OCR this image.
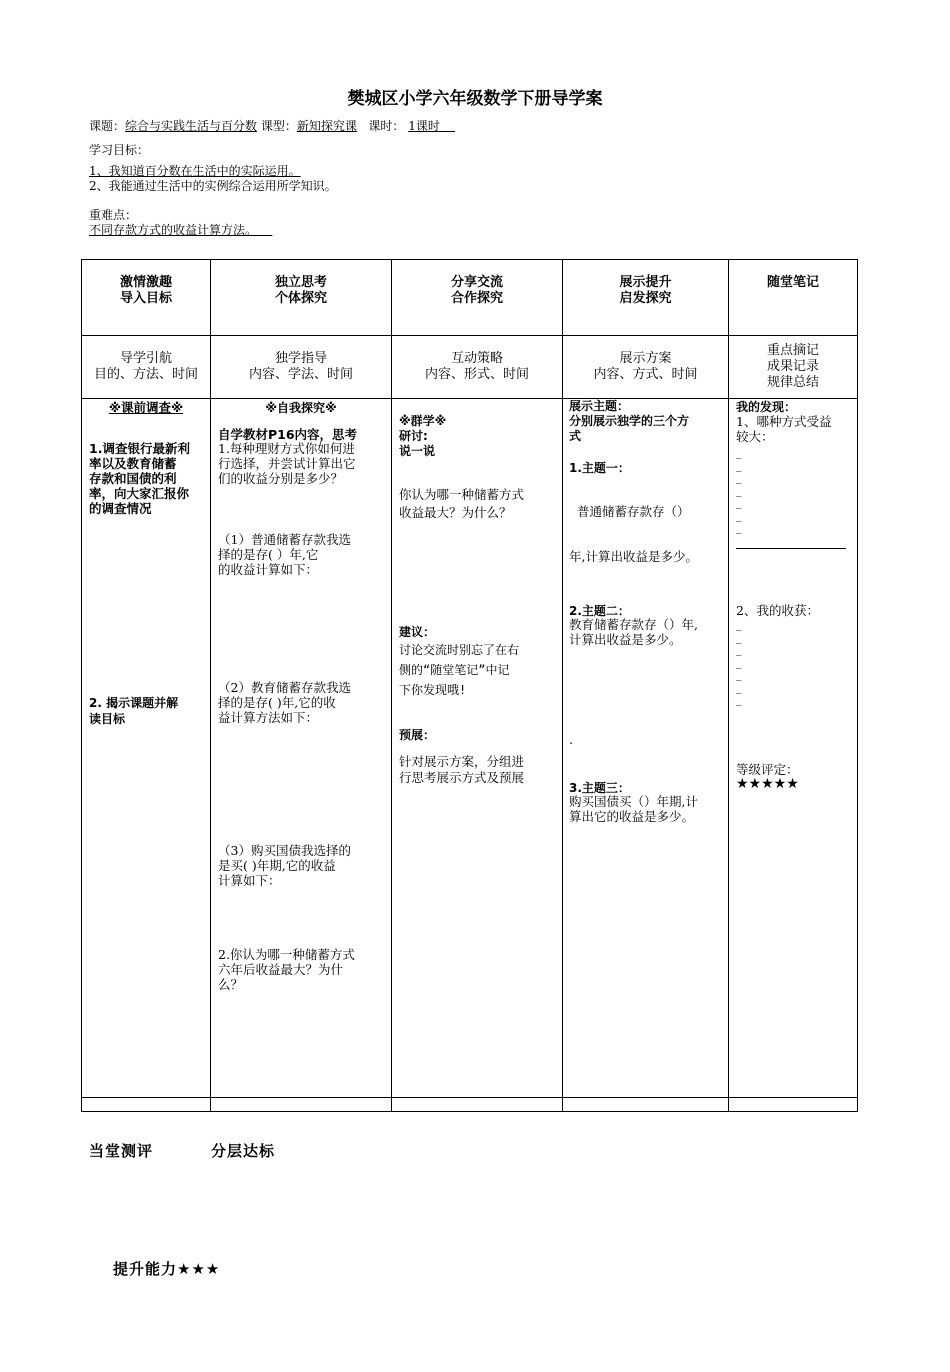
樊城区小学六年级数学下册导学案
课题：综合与实践生活与百分数 课型：新知探究课 课时： 1课时
学习目标：
1、我知道百分数在生活中的实际运用。
2、我能通过生活中的实例综合运用所学知识。
重难点：
不同存款方式的收益计算方法。
激情激趣
导入目标
独立思考
个体探究
分享交流
合作探究
展示提升
启发探究
随堂笔记
导学引航
目的、方法、时间
独学指导
内容、学法、时间
互动策略
内容、形式、时间
展示方案
内容、方式、时间
重点摘记
成果记录
规律总结
※课前调查※
1.调查银行最新利
率以及教育储蓄
存款和国债的利
率，向大家汇报你
的调查情况
2. 揭示课题并解
读目标
※自我探究※
自学教材P16内容，思考
1.每种理财方式你如何进
行选择，并尝试计算出它
们的收益分别是多少？
（1）普通储蓄存款我选
择的是存( ）年,它
的收益计算如下：
（2）教育储蓄存款我选
择的是存( )年,它的收
益计算方法如下：
（3）购买国债我选择的
是买( )年期,它的收益
计算如下：
2.你认为哪一种储蓄方式
六年后收益最大？为什
么？
※群学※
研讨:
说一说
你认为哪一种储蓄方式
收益最大？为什么？
建议：
讨论交流时别忘了在右
侧的“随堂笔记”中记
下你发现哦!
预展：
针对展示方案，分组进
行思考展示方式及预展
展示主题：
分别展示独学的三个方
式
1.主题一：

普通储蓄存款存（）

年,计算出收益是多少。

2.主题二：
教育储蓄存款存（）年,
计算出收益是多少。
.
3.主题三：
购买国债买（）年期,计
算出它的收益是多少。
我的发现：
1、哪种方式受益
较大：
_
_
_
_
_
_
_
2、我的收获：
_
_
_
_
_
_
_
等级评定：
★★★★★
当堂测评	分层达标
提升能力★★★
